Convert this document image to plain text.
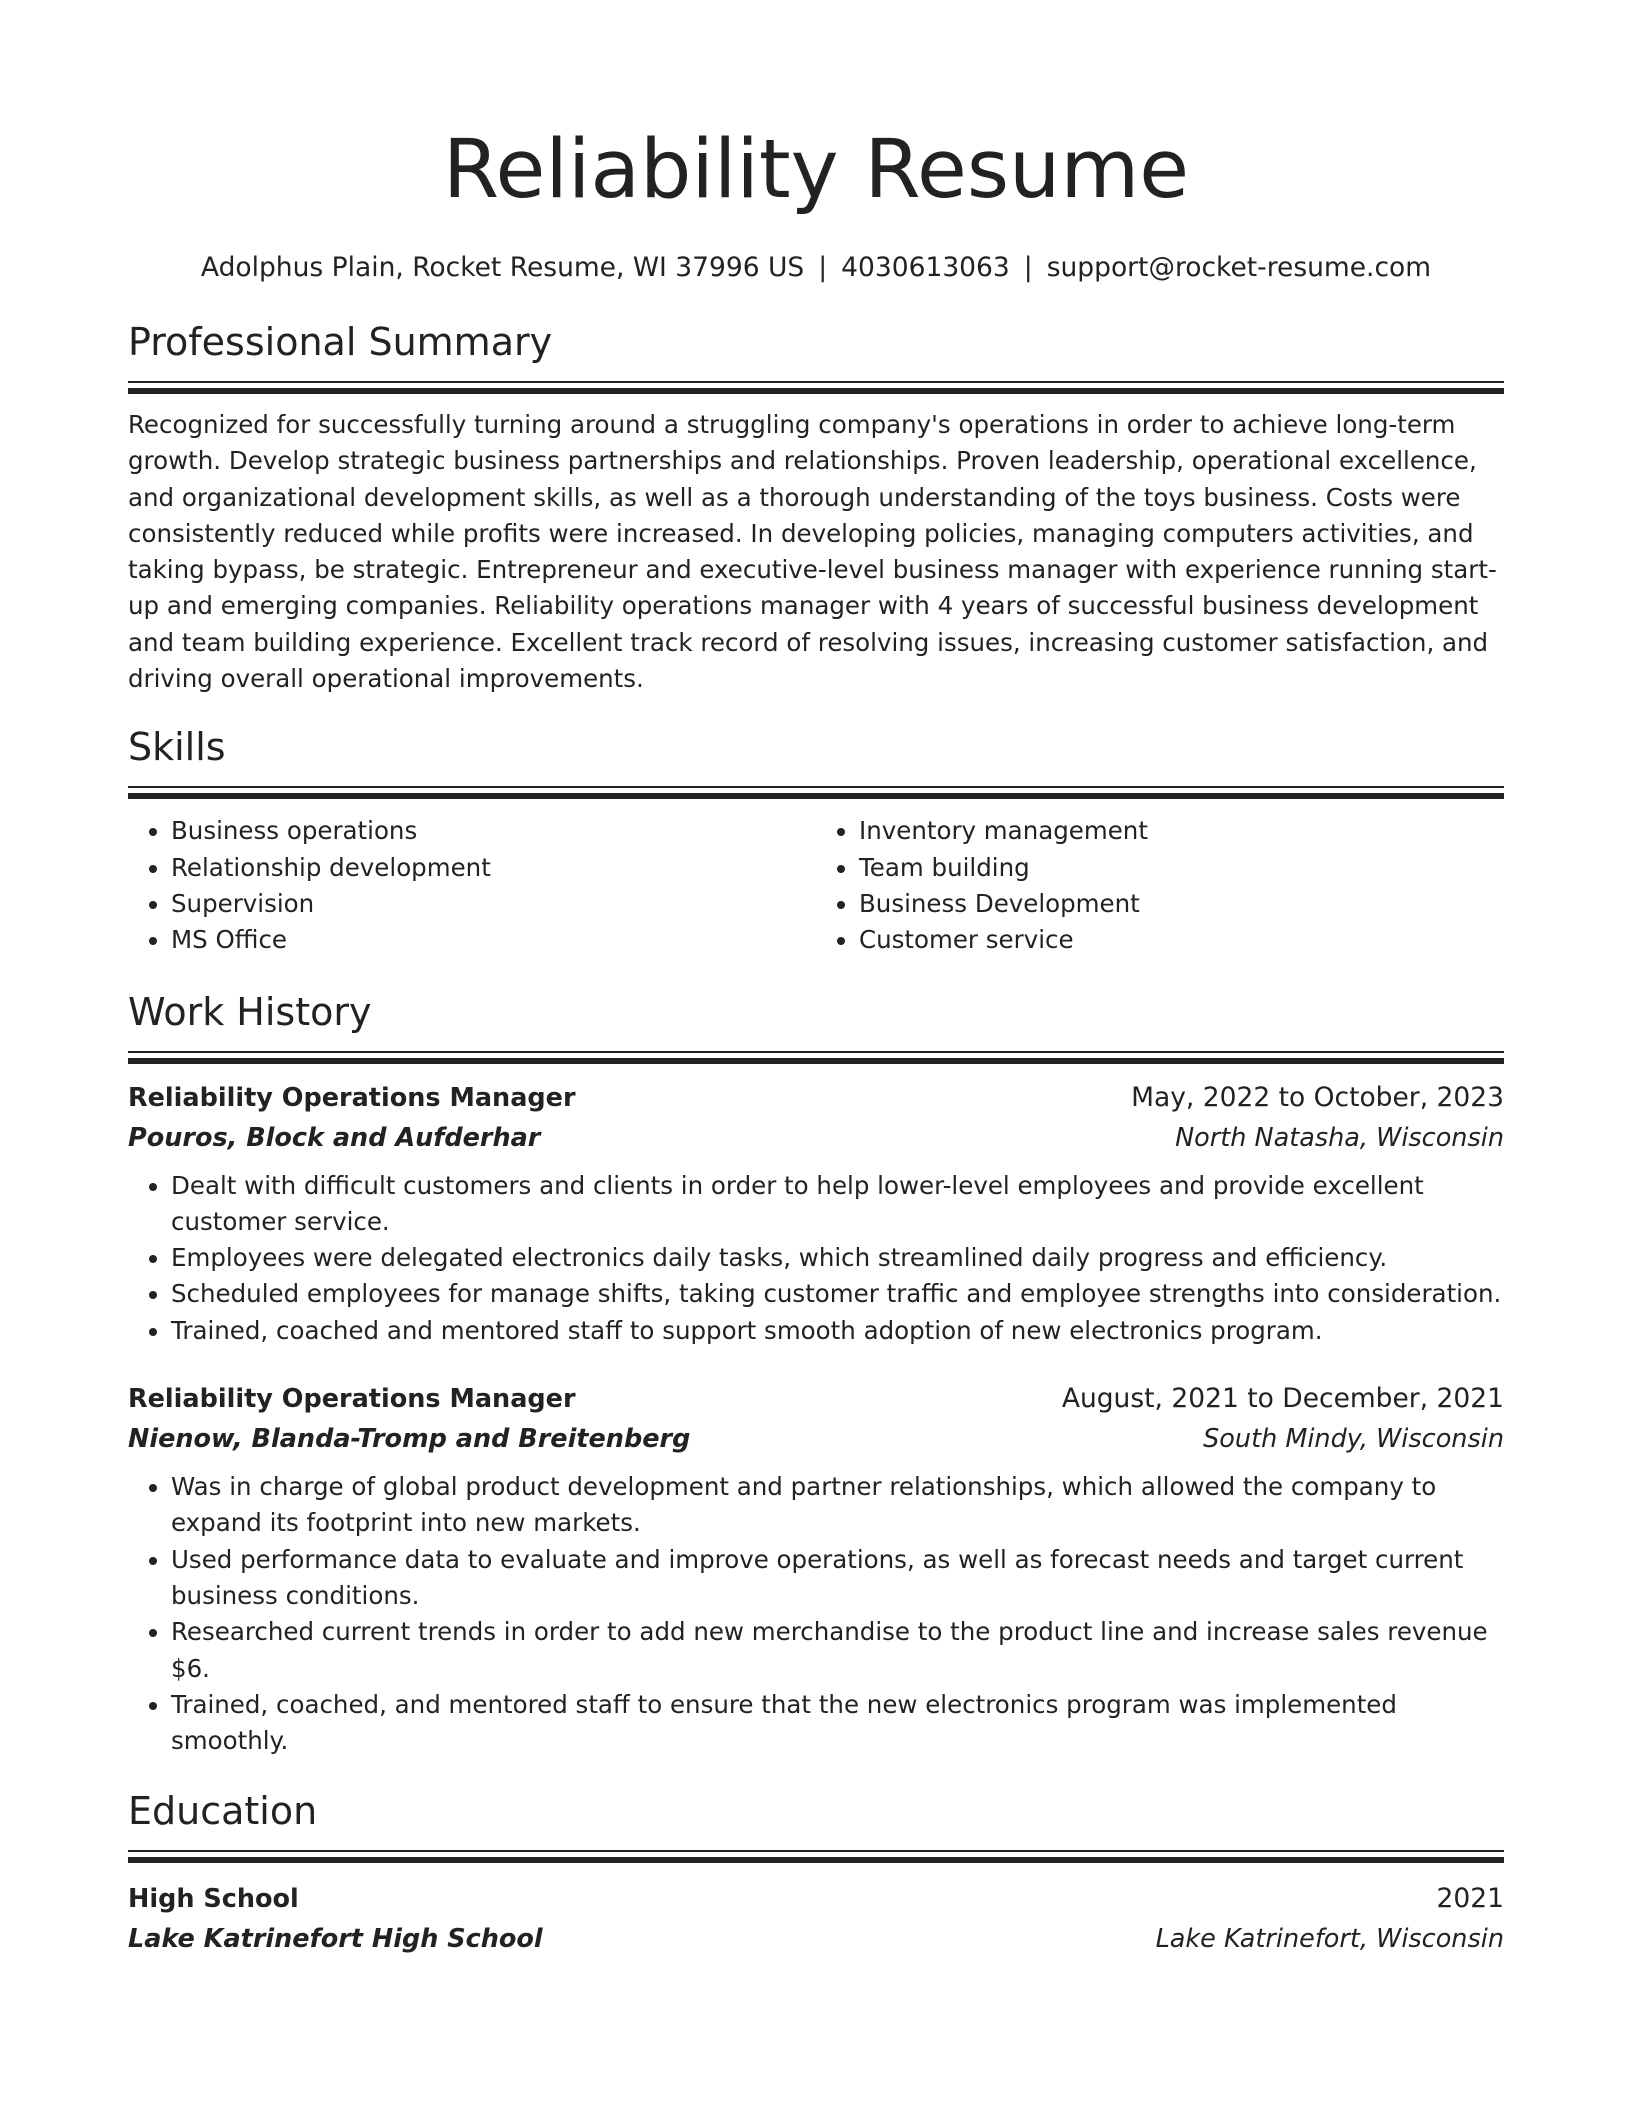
Reliability Resume
Adolphus Plain, Rocket Resume, WI 37996 US | 4030613063 | support@rocket-resume.com
Professional Summary
Recognized for successfully turning around a struggling company's operations in order to achieve long-term growth. Develop strategic business partnerships and relationships. Proven leadership, operational excellence, and organizational development skills, as well as a thorough understanding of the toys business. Costs were consistently reduced while profits were increased. In developing policies, managing computers activities, and taking bypass, be strategic. Entrepreneur and executive-level business manager with experience running start-up and emerging companies. Reliability operations manager with 4 years of successful business development and team building experience. Excellent track record of resolving issues, increasing customer satisfaction, and driving overall operational improvements.
Skills
• Business operations
• Relationship development
• Supervision
• MS Office
• Inventory management
• Team building
• Business Development
• Customer service
Work History
Reliability Operations Manager	May, 2022 to October, 2023
Pouros, Block and Aufderhar	North Natasha, Wisconsin
• Dealt with difficult customers and clients in order to help lower-level employees and provide excellent customer service.
• Employees were delegated electronics daily tasks, which streamlined daily progress and efficiency.
• Scheduled employees for manage shifts, taking customer traffic and employee strengths into consideration.
• Trained, coached and mentored staff to support smooth adoption of new electronics program.
Reliability Operations Manager	August, 2021 to December, 2021
Nienow, Blanda-Tromp and Breitenberg	South Mindy, Wisconsin
• Was in charge of global product development and partner relationships, which allowed the company to expand its footprint into new markets.
• Used performance data to evaluate and improve operations, as well as forecast needs and target current business conditions.
• Researched current trends in order to add new merchandise to the product line and increase sales revenue $6.
• Trained, coached, and mentored staff to ensure that the new electronics program was implemented smoothly.
Education
High School	2021
Lake Katrinefort High School	Lake Katrinefort, Wisconsin
